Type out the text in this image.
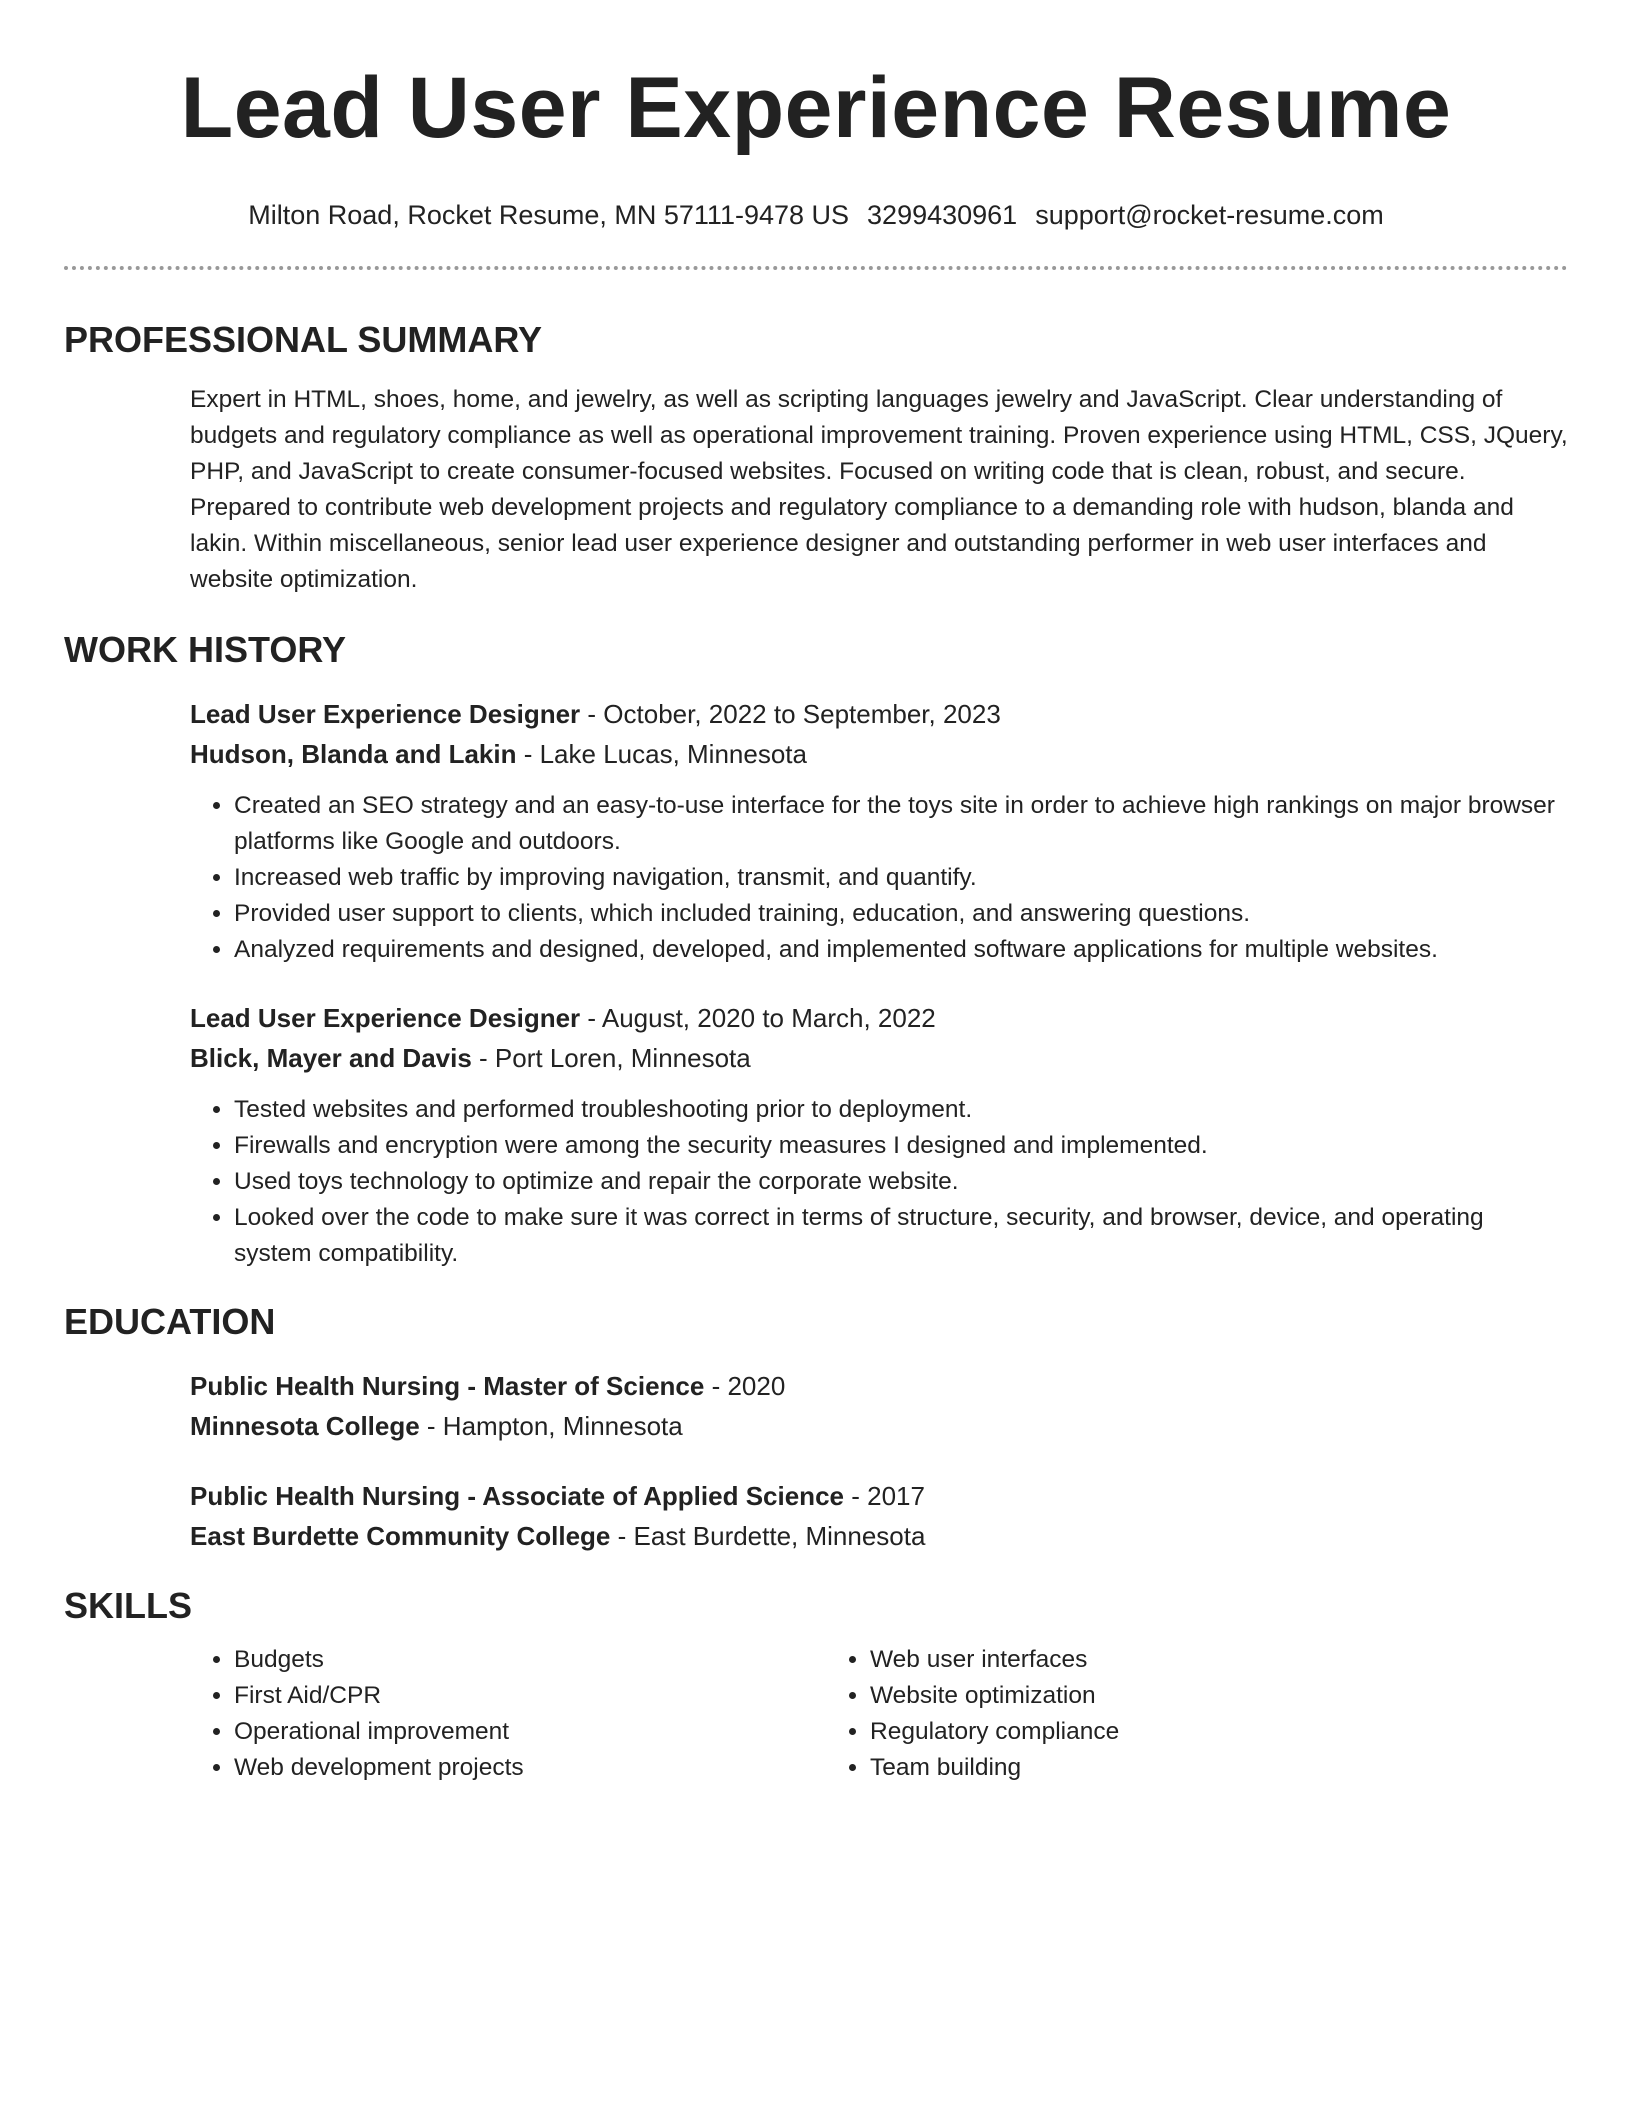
Lead User Experience Resume
Milton Road, Rocket Resume, MN 57111-9478 US 3299430961 support@rocket-resume.com
PROFESSIONAL SUMMARY

Expert in HTML, shoes, home, and jewelry, as well as scripting languages jewelry and JavaScript. Clear understanding of budgets and regulatory compliance as well as operational improvement training. Proven experience using HTML, CSS, JQuery, PHP, and JavaScript to create consumer-focused websites. Focused on writing code that is clean, robust, and secure. Prepared to contribute web development projects and regulatory compliance to a demanding role with hudson, blanda and lakin. Within miscellaneous, senior lead user experience designer and outstanding performer in web user interfaces and website optimization.

WORK HISTORY
Lead User Experience Designer - October, 2022 to September, 2023
Hudson, Blanda and Lakin - Lake Lucas, Minnesota
• Created an SEO strategy and an easy-to-use interface for the toys site in order to achieve high rankings on major browser platforms like Google and outdoors.
• Increased web traffic by improving navigation, transmit, and quantify.
• Provided user support to clients, which included training, education, and answering questions.
• Analyzed requirements and designed, developed, and implemented software applications for multiple websites.
Lead User Experience Designer - August, 2020 to March, 2022
Blick, Mayer and Davis - Port Loren, Minnesota
• Tested websites and performed troubleshooting prior to deployment.
• Firewalls and encryption were among the security measures I designed and implemented.
• Used toys technology to optimize and repair the corporate website.
• Looked over the code to make sure it was correct in terms of structure, security, and browser, device, and operating system compatibility.
EDUCATION
Public Health Nursing - Master of Science - 2020
Minnesota College - Hampton, Minnesota
Public Health Nursing - Associate of Applied Science - 2017
East Burdette Community College - East Burdette, Minnesota
SKILLS
• Budgets
• First Aid/CPR
• Operational improvement
• Web development projects
• Web user interfaces
• Website optimization
• Regulatory compliance
• Team building
